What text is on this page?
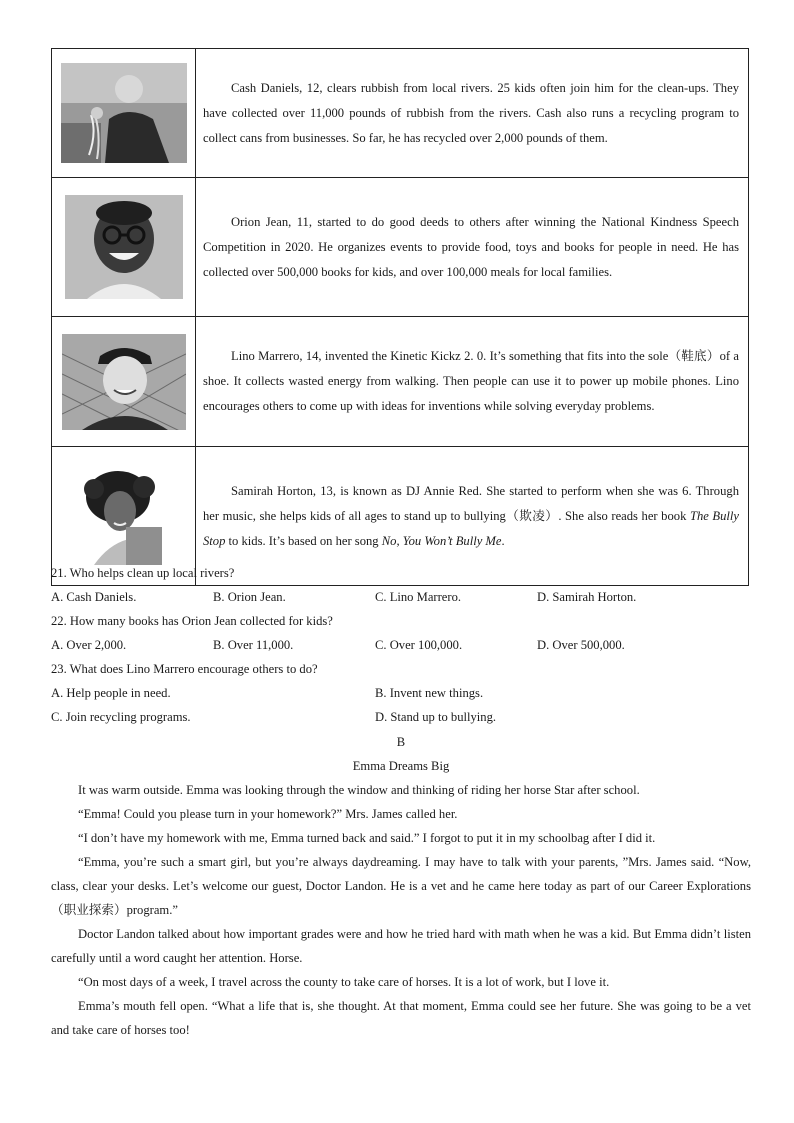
Cash Daniels, 12, clears rubbish from local rivers. 25 kids often join him for the clean-ups. They have collected over 11,000 pounds of rubbish from the rivers. Cash also runs a recycling program to collect cans from businesses. So far, he has recycled over 2,000 pounds of them.

Orion Jean, 11, started to do good deeds to others after winning the National Kindness Speech Competition in 2020. He organizes events to provide food, toys and books for people in need. He has collected over 500,000 books for kids, and over 100,000 meals for local families.

Lino Marrero, 14, invented the Kinetic Kickz 2. 0. It’s something that fits into the sole（鞋底）of a shoe. It collects wasted energy from walking. Then people can use it to power up mobile phones. Lino encourages others to come up with ideas for inventions while solving everyday problems.

Samirah Horton, 13, is known as DJ Annie Red. She started to perform when she was 6. Through her music, she helps kids of all ages to stand up to bullying（欺凌）. She also reads her book The Bully Stop to kids. It’s based on her song No, You Won’t Bully Me.

21. Who helps clean up local rivers?
A. Cash Daniels.	B. Orion Jean.	C. Lino Marrero.	D. Samirah Horton.
22. How many books has Orion Jean collected for kids?
A. Over 2,000.	B. Over 11,000.	C. Over 100,000.	D. Over 500,000.
23. What does Lino Marrero encourage others to do?
A. Help people in need.	B. Invent new things.
C. Join recycling programs.	D. Stand up to bullying.
B
Emma Dreams Big

It was warm outside. Emma was looking through the window and thinking of riding her horse Star after school.

“Emma! Could you please turn in your homework?” Mrs. James called her.

“I don’t have my homework with me, Emma turned back and said.” I forgot to put it in my schoolbag after I did it.

“Emma, you’re such a smart girl, but you’re always daydreaming. I may have to talk with your parents, ”Mrs. James said. “Now, class, clear your desks. Let’s welcome our guest, Doctor Landon. He is a vet and he came here today as part of our Career Explorations（职业探索）program.”

Doctor Landon talked about how important grades were and how he tried hard with math when he was a kid. But Emma didn’t listen carefully until a word caught her attention. Horse.

“On most days of a week, I travel across the county to take care of horses. It is a lot of work, but I love it.

Emma’s mouth fell open. “What a life that is, she thought. At that moment, Emma could see her future. She was going to be a vet and take care of horses too!
